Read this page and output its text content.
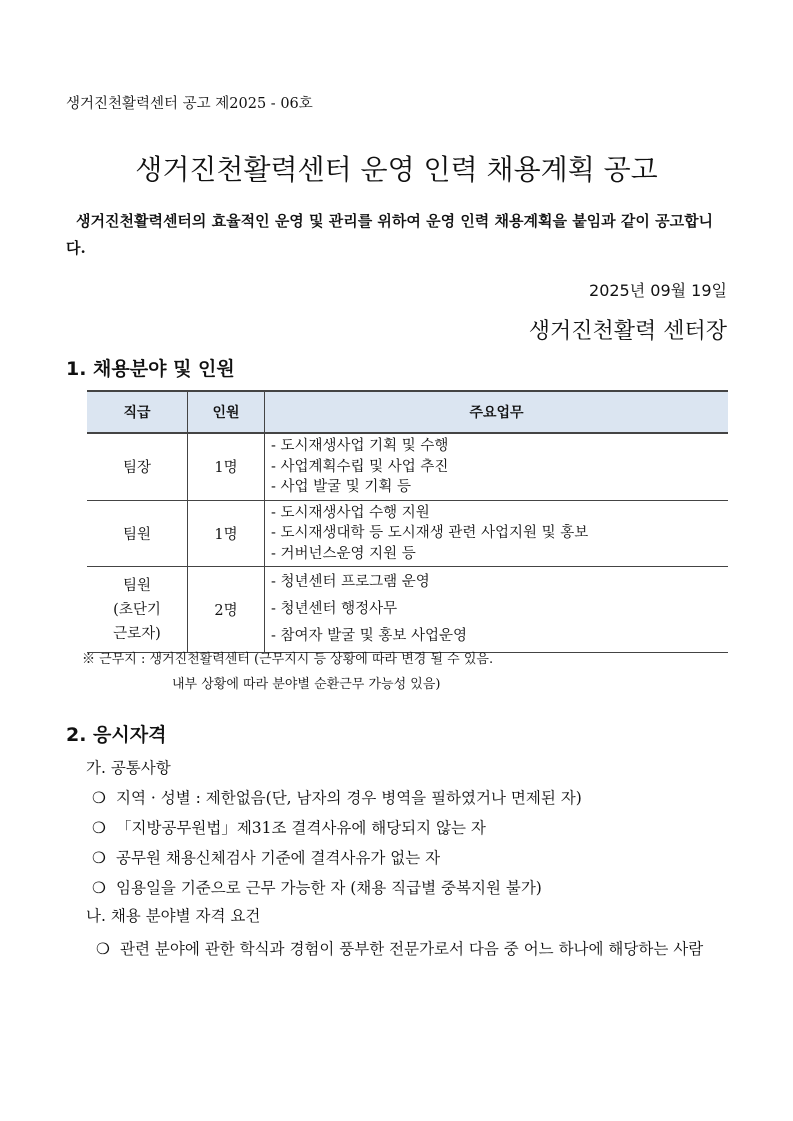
생거진천활력센터 공고 제2025 - 06호
생거진천활력센터 운영 인력 채용계획 공고
생거진천활력센터의 효율적인 운영 및 관리를 위하여 운영 인력 채용계획을 붙임과 같이 공고합니다.
2025년 09월 19일
생거진천활력 센터장
1. 채용분야 및 인원
직급	인원	주요업무
팀장	1명	- 도시재생사업 기획 및 수행
- 사업계획수립 및 사업 추진
- 사업 발굴 및 기획 등

팀원	1명	- 도시재생사업 수행 지원
- 도시재생대학 등 도시재생 관련 사업지원 및 홍보
- 거버넌스운영 지원 등

팀원
(초단기
근로자)	2명	- 청년센터 프로그램 운영
- 청년센터 행정사무
- 참여자 발굴 및 홍보 사업운영
※ 근무지 : 생거진천활력센터 (근무지시 등 상황에 따라 변경 될 수 있음.
내부 상황에 따라 분야별 순환근무 가능성 있음)
2. 응시자격
가. 공통사항
❍ 지역 · 성별 : 제한없음(단, 남자의 경우 병역을 필하였거나 면제된 자)
❍ 「지방공무원법」제31조 결격사유에 해당되지 않는 자
❍ 공무원 채용신체검사 기준에 결격사유가 없는 자
❍ 임용일을 기준으로 근무 가능한 자 (채용 직급별 중복지원 불가)
나. 채용 분야별 자격 요건
❍ 관련 분야에 관한 학식과 경험이 풍부한 전문가로서 다음 중 어느 하나에 해당하는 사람
